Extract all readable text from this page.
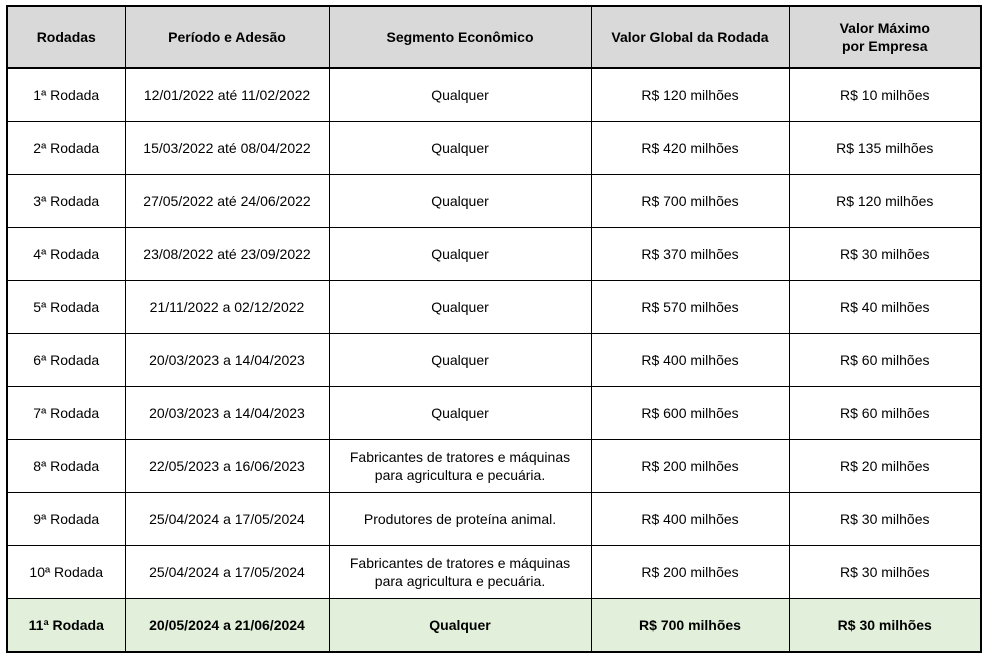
Rodadas	Período e Adesão	Segmento Econômico	Valor Global da Rodada	Valor Máximo
por Empresa
1ª Rodada	12/01/2022 até 11/02/2022	Qualquer	R$ 120 milhões	R$ 10 milhões
2ª Rodada	15/03/2022 até 08/04/2022	Qualquer	R$ 420 milhões	R$ 135 milhões
3ª Rodada	27/05/2022 até 24/06/2022	Qualquer	R$ 700 milhões	R$ 120 milhões
4ª Rodada	23/08/2022 até 23/09/2022	Qualquer	R$ 370 milhões	R$ 30 milhões
5ª Rodada	21/11/2022 a 02/12/2022	Qualquer	R$ 570 milhões	R$ 40 milhões
6ª Rodada	20/03/2023 a 14/04/2023	Qualquer	R$ 400 milhões	R$ 60 milhões
7ª Rodada	20/03/2023 a 14/04/2023	Qualquer	R$ 600 milhões	R$ 60 milhões
8ª Rodada	22/05/2023 a 16/06/2023	Fabricantes de tratores e máquinas
para agricultura e pecuária.	R$ 200 milhões	R$ 20 milhões
9ª Rodada	25/04/2024 a 17/05/2024	Produtores de proteína animal.	R$ 400 milhões	R$ 30 milhões
10ª Rodada	25/04/2024 a 17/05/2024	Fabricantes de tratores e máquinas
para agricultura e pecuária.	R$ 200 milhões	R$ 30 milhões
11ª Rodada	20/05/2024 a 21/06/2024	Qualquer	R$ 700 milhões	R$ 30 milhões
